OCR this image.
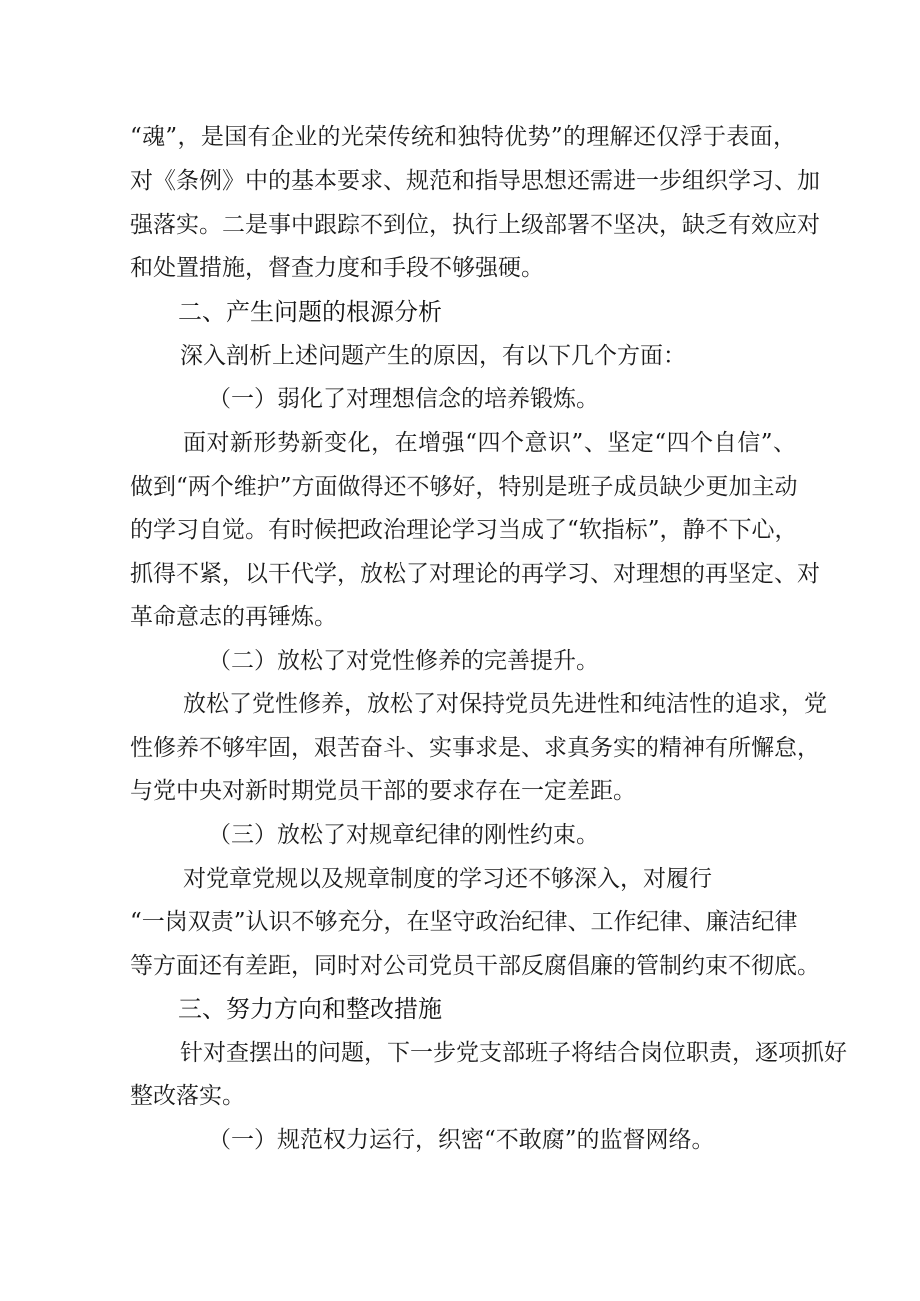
“魂”，是国有企业的光荣传统和独特优势”的理解还仅浮于表面，
对《条例》中的基本要求、规范和指导思想还需进一步组织学习、加
强落实。二是事中跟踪不到位，执行上级部署不坚决，缺乏有效应对
和处置措施，督查力度和手段不够强硬。
二、产生问题的根源分析
深入剖析上述问题产生的原因，有以下几个方面：
（一）弱化了对理想信念的培养锻炼。
面对新形势新变化，在增强“四个意识”、坚定“四个自信”、
做到“两个维护”方面做得还不够好，特别是班子成员缺少更加主动
的学习自觉。有时候把政治理论学习当成了“软指标”，静不下心，
抓得不紧，以干代学，放松了对理论的再学习、对理想的再坚定、对
革命意志的再锤炼。
（二）放松了对党性修养的完善提升。
放松了党性修养，放松了对保持党员先进性和纯洁性的追求，党
性修养不够牢固，艰苦奋斗、实事求是、求真务实的精神有所懈怠，
与党中央对新时期党员干部的要求存在一定差距。
（三）放松了对规章纪律的刚性约束。
对党章党规以及规章制度的学习还不够深入，对履行
“一岗双责”认识不够充分，在坚守政治纪律、工作纪律、廉洁纪律
等方面还有差距，同时对公司党员干部反腐倡廉的管制约束不彻底。
三、努力方向和整改措施
针对查摆出的问题，下一步党支部班子将结合岗位职责，逐项抓好
整改落实。
（一）规范权力运行，织密“不敢腐”的监督网络。
